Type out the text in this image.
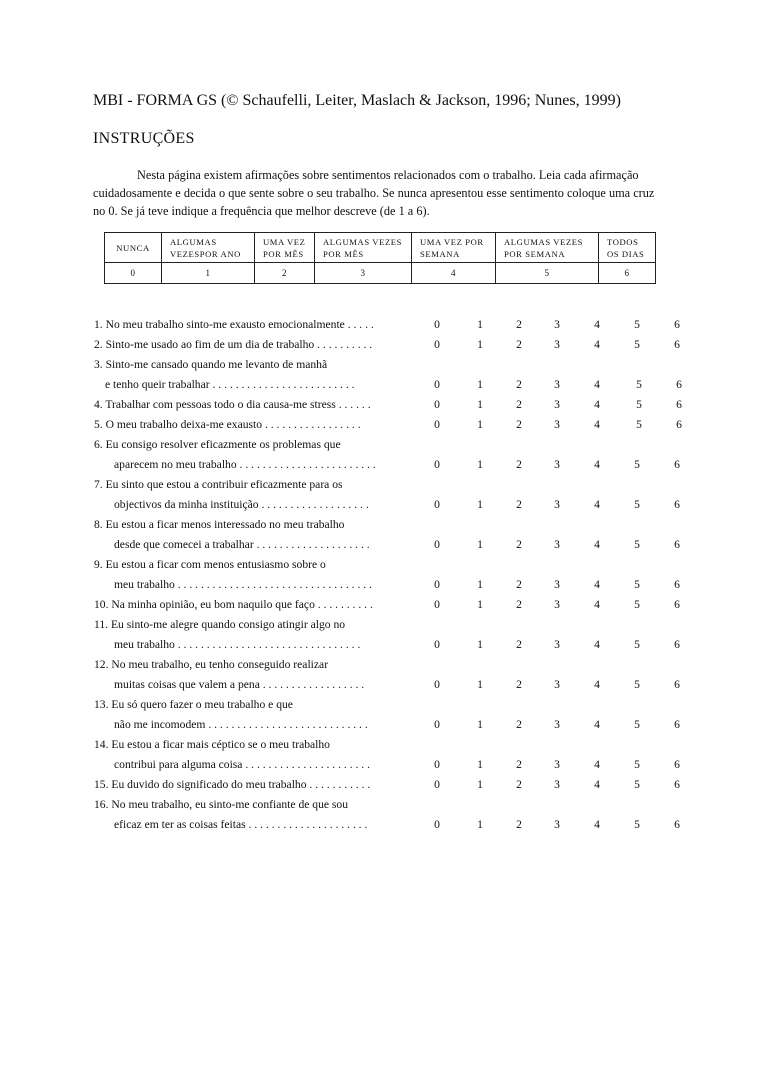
MBI - FORMA GS (© Schaufelli, Leiter, Maslach & Jackson, 1996; Nunes, 1999)
INSTRUÇÕES

Nesta página existem afirmações sobre sentimentos relacionados com o trabalho. Leia cada afirmação cuidadosamente e decida o que sente sobre o seu trabalho. Se nunca apresentou esse sentimento coloque uma cruz no 0. Se já teve indique a frequência que melhor descreve (de 1 a 6).

NUNCA	ALGUMAS VEZESPOR ANO	UMA VEZ POR MÊS	ALGUMAS VEZES POR MÊS	UMA VEZ POR SEMANA	ALGUMAS VEZES POR SEMANA	TODOS OS DIAS
0	1	2	3	4	5	6
1. No meu trabalho sinto-me exausto emocionalmente . . . . .	0	1	2	3	4	5	6
2. Sinto-me usado ao fim de um dia de trabalho . . . . . . . . . .	0	1	2	3	4	5	6
3. Sinto-me cansado quando me levanto de manhã
e tenho queir trabalhar . . . . . . . . . . . . . . . . . . . . . . . . .	0	1	2	3	4	5	6
4. Trabalhar com pessoas todo o dia causa-me stress . . . . . .	0	1	2	3	4	5	6
5. O meu trabalho deixa-me exausto . . . . . . . . . . . . . . . . .	0	1	2	3	4	5	6
6. Eu consigo resolver eficazmente os problemas que
aparecem no meu trabalho . . . . . . . . . . . . . . . . . . . . . . . .	0	1	2	3	4	5	6
7. Eu sinto que estou a contribuir eficazmente para os
objectivos da minha instituição . . . . . . . . . . . . . . . . . . .	0	1	2	3	4	5	6
8. Eu estou a ficar menos interessado no meu trabalho
desde que comecei a trabalhar . . . . . . . . . . . . . . . . . . . .	0	1	2	3	4	5	6
9. Eu estou a ficar com menos entusiasmo sobre o
meu trabalho . . . . . . . . . . . . . . . . . . . . . . . . . . . . . . . . . .	0	1	2	3	4	5	6
10. Na minha opinião, eu bom naquilo que faço . . . . . . . . . .	0	1	2	3	4	5	6
11. Eu sinto-me alegre quando consigo atingir algo no
meu trabalho . . . . . . . . . . . . . . . . . . . . . . . . . . . . . . . .	0	1	2	3	4	5	6
12. No meu trabalho, eu tenho conseguido realizar
muitas coisas que valem a pena . . . . . . . . . . . . . . . . . .	0	1	2	3	4	5	6
13. Eu só quero fazer o meu trabalho e que
não me incomodem . . . . . . . . . . . . . . . . . . . . . . . . . . . .	0	1	2	3	4	5	6
14. Eu estou a ficar mais céptico se o meu trabalho
contribui para alguma coisa . . . . . . . . . . . . . . . . . . . . . .	0	1	2	3	4	5	6
15. Eu duvido do significado do meu trabalho . . . . . . . . . . .	0	1	2	3	4	5	6
16. No meu trabalho, eu sinto-me confiante de que sou
eficaz em ter as coisas feitas . . . . . . . . . . . . . . . . . . . . .	0	1	2	3	4	5	6
